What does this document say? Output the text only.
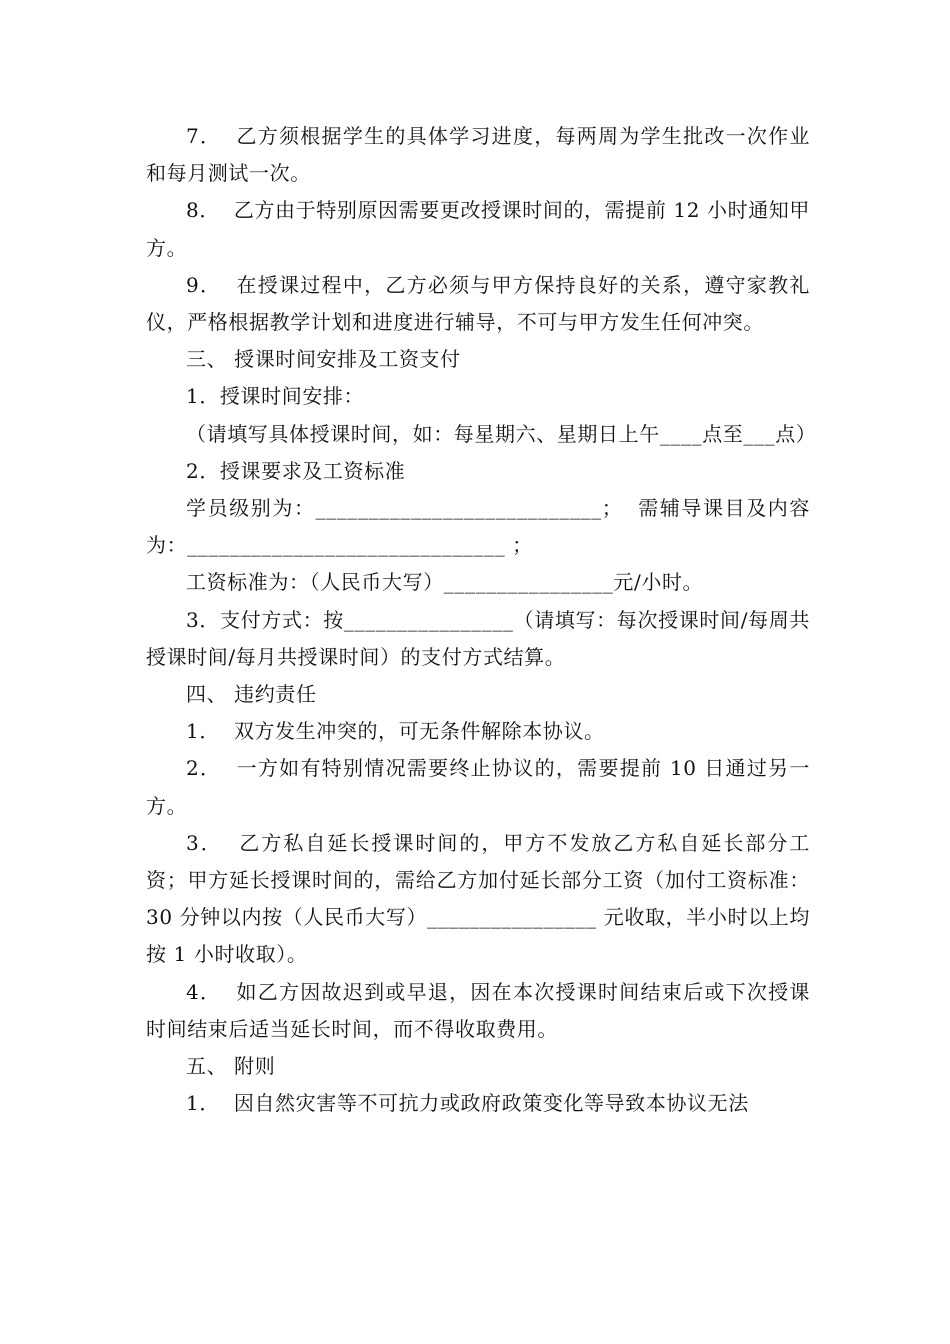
7．  乙方须根据学生的具体学习进度，每两周为学生批改一次作业和每月测试一次。

8．  乙方由于特别原因需要更改授课时间的，需提前 12 小时通知甲方。

9．  在授课过程中，乙方必须与甲方保持良好的关系，遵守家教礼仪，严格根据教学计划和进度进行辅导，不可与甲方发生任何冲突。

三、 授课时间安排及工资支付

1．授课时间安排：

（请填写具体授课时间，如：每星期六、星期日上午____点至___点）

2．授课要求及工资标准

学员级别为：___________________________；  需辅导课目及内容为：______________________________ ；

工资标准为：（人民币大写）________________元/小时。

3．支付方式：按________________（请填写：每次授课时间/每周共授课时间/每月共授课时间）的支付方式结算。

四、 违约责任

1．  双方发生冲突的，可无条件解除本协议。

2．  一方如有特别情况需要终止协议的，需要提前 10 日通过另一方。

3．  乙方私自延长授课时间的，甲方不发放乙方私自延长部分工资；甲方延长授课时间的，需给乙方加付延长部分工资（加付工资标准：30 分钟以内按（人民币大写）________________ 元收取，半小时以上均按 1 小时收取）。

4．  如乙方因故迟到或早退，因在本次授课时间结束后或下次授课时间结束后适当延长时间，而不得收取费用。

五、 附则

1．  因自然灾害等不可抗力或政府政策变化等导致本协议无法
